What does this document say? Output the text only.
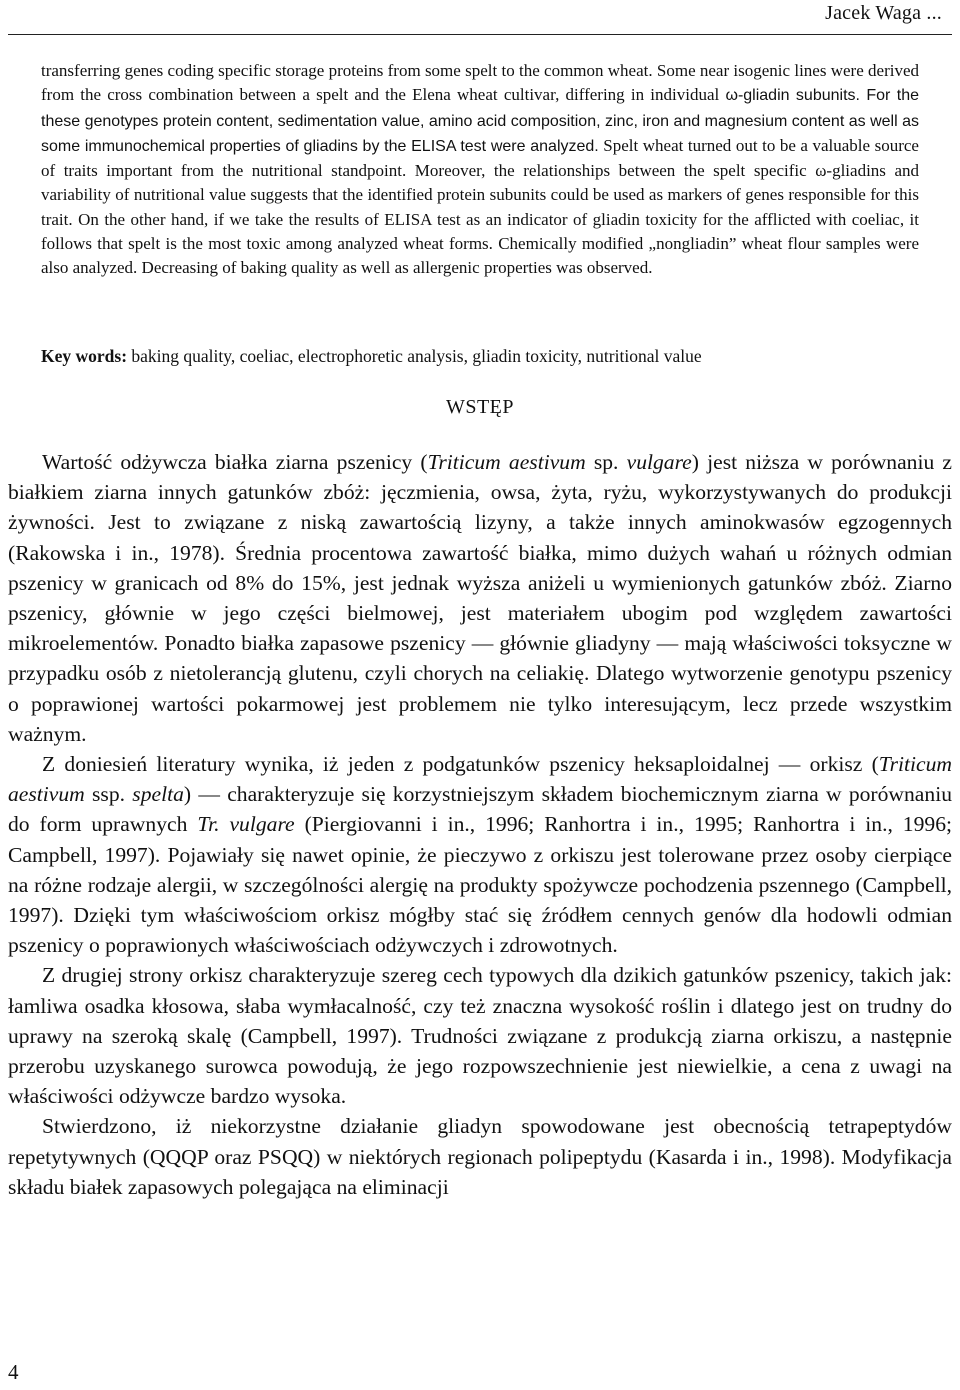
Jacek Waga ...
transferring genes coding specific storage proteins from some spelt to the common wheat. Some near isogenic lines were derived from the cross combination between a spelt and the Elena wheat cultivar, differing in individual ω-gliadin subunits. For the these genotypes protein content, sedimentation value, amino acid composition, zinc, iron and magnesium content as well as some immunochemical properties of gliadins by the ELISA test were analyzed. Spelt wheat turned out to be a valuable source of traits important from the nutritional standpoint. Moreover, the relationships between the spelt specific ω-gliadins and variability of nutritional value suggests that the identified protein subunits could be used as markers of genes responsible for this trait. On the other hand, if we take the results of ELISA test as an indicator of gliadin toxicity for the afflicted with coeliac, it follows that spelt is the most toxic among analyzed wheat forms. Chemically modified „nongliadin” wheat flour samples were also analyzed. Decreasing of baking quality as well as allergenic properties was observed.
Key words: baking quality, coeliac, electrophoretic analysis, gliadin toxicity, nutritional value
WSTĘP

Wartość odżywcza białka ziarna pszenicy (Triticum aestivum sp. vulgare) jest niższa w porównaniu z białkiem ziarna innych gatunków zbóż: jęczmienia, owsa, żyta, ryżu, wykorzystywanych do produkcji żywności. Jest to związane z niską zawartością lizyny, a także innych aminokwasów egzogennych (Rakowska i in., 1978). Średnia procentowa zawartość białka, mimo dużych wahań u różnych odmian pszenicy w granicach od 8% do 15%, jest jednak wyższa aniżeli u wymienionych gatunków zbóż. Ziarno pszenicy, głównie w jego części bielmowej, jest materiałem ubogim pod względem zawartości mikroelementów. Ponadto białka zapasowe pszenicy — głównie gliadyny — mają właściwości toksyczne w przypadku osób z nietolerancją glutenu, czyli chorych na celiakię. Dlatego wytworzenie genotypu pszenicy o poprawionej wartości pokarmowej jest problemem nie tylko interesującym, lecz przede wszystkim ważnym.

Z doniesień literatury wynika, iż jeden z podgatunków pszenicy heksaploidalnej — orkisz (Triticum aestivum ssp. spelta) — charakteryzuje się korzystniejszym składem biochemicznym ziarna w porównaniu do form uprawnych Tr. vulgare (Piergiovanni i in., 1996; Ranhortra i in., 1995; Ranhortra i in., 1996; Campbell, 1997). Pojawiały się nawet opinie, że pieczywo z orkiszu jest tolerowane przez osoby cierpiące na różne rodzaje alergii, w szczególności alergię na produkty spożywcze pochodzenia pszennego (Campbell, 1997). Dzięki tym właściwościom orkisz mógłby stać się źródłem cennych genów dla hodowli odmian pszenicy o poprawionych właściwościach odżywczych i zdrowotnych.

Z drugiej strony orkisz charakteryzuje szereg cech typowych dla dzikich gatunków pszenicy, takich jak: łamliwa osadka kłosowa, słaba wymłacalność, czy też znaczna wysokość roślin i dlatego jest on trudny do uprawy na szeroką skalę (Campbell, 1997). Trudności związane z produkcją ziarna orkiszu, a następnie przerobu uzyskanego surowca powodują, że jego rozpowszechnienie jest niewielkie, a cena z uwagi na właściwości odżywcze bardzo wysoka.

Stwierdzono, iż niekorzystne działanie gliadyn spowodowane jest obecnością tetrapeptydów repetytywnych (QQQP oraz PSQQ) w niektórych regionach polipeptydu (Kasarda i in., 1998). Modyfikacja składu białek zapasowych polegająca na eliminacji

4
